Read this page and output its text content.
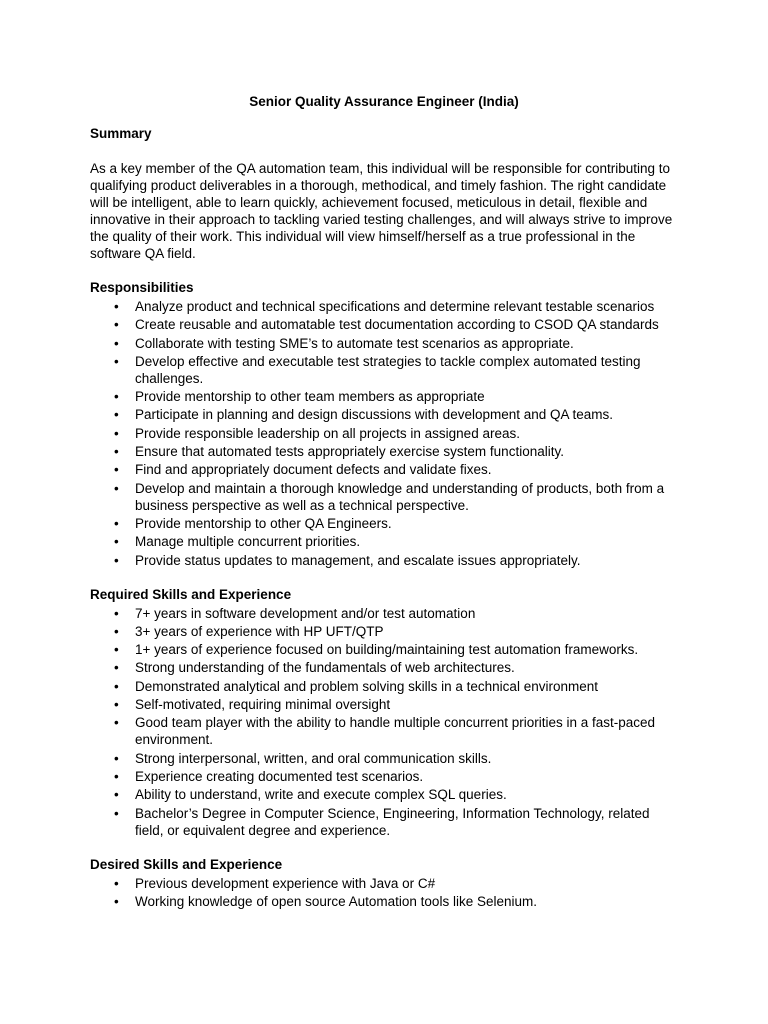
Senior Quality Assurance Engineer (India)

Summary

As a key member of the QA automation team, this individual will be responsible for contributing to qualifying product deliverables in a thorough, methodical, and timely fashion. The right candidate will be intelligent, able to learn quickly, achievement focused, meticulous in detail, flexible and innovative in their approach to tackling varied testing challenges, and will always strive to improve the quality of their work. This individual will view himself/herself as a true professional in the software QA field.

Responsibilities

• Analyze product and technical specifications and determine relevant testable scenarios
• Create reusable and automatable test documentation according to CSOD QA standards
• Collaborate with testing SME’s to automate test scenarios as appropriate.
• Develop effective and executable test strategies to tackle complex automated testing challenges.
• Provide mentorship to other team members as appropriate
• Participate in planning and design discussions with development and QA teams.
• Provide responsible leadership on all projects in assigned areas.
• Ensure that automated tests appropriately exercise system functionality.
• Find and appropriately document defects and validate fixes.
• Develop and maintain a thorough knowledge and understanding of products, both from a business perspective as well as a technical perspective.
• Provide mentorship to other QA Engineers.
• Manage multiple concurrent priorities.
• Provide status updates to management, and escalate issues appropriately.

Required Skills and Experience

• 7+ years in software development and/or test automation
• 3+ years of experience with HP UFT/QTP
• 1+ years of experience focused on building/maintaining test automation frameworks.
• Strong understanding of the fundamentals of web architectures.
• Demonstrated analytical and problem solving skills in a technical environment
• Self-motivated, requiring minimal oversight
• Good team player with the ability to handle multiple concurrent priorities in a fast-paced environment.
• Strong interpersonal, written, and oral communication skills.
• Experience creating documented test scenarios.
• Ability to understand, write and execute complex SQL queries.
• Bachelor’s Degree in Computer Science, Engineering, Information Technology, related field, or equivalent degree and experience.

Desired Skills and Experience

• Previous development experience with Java or C#
• Working knowledge of open source Automation tools like Selenium.
